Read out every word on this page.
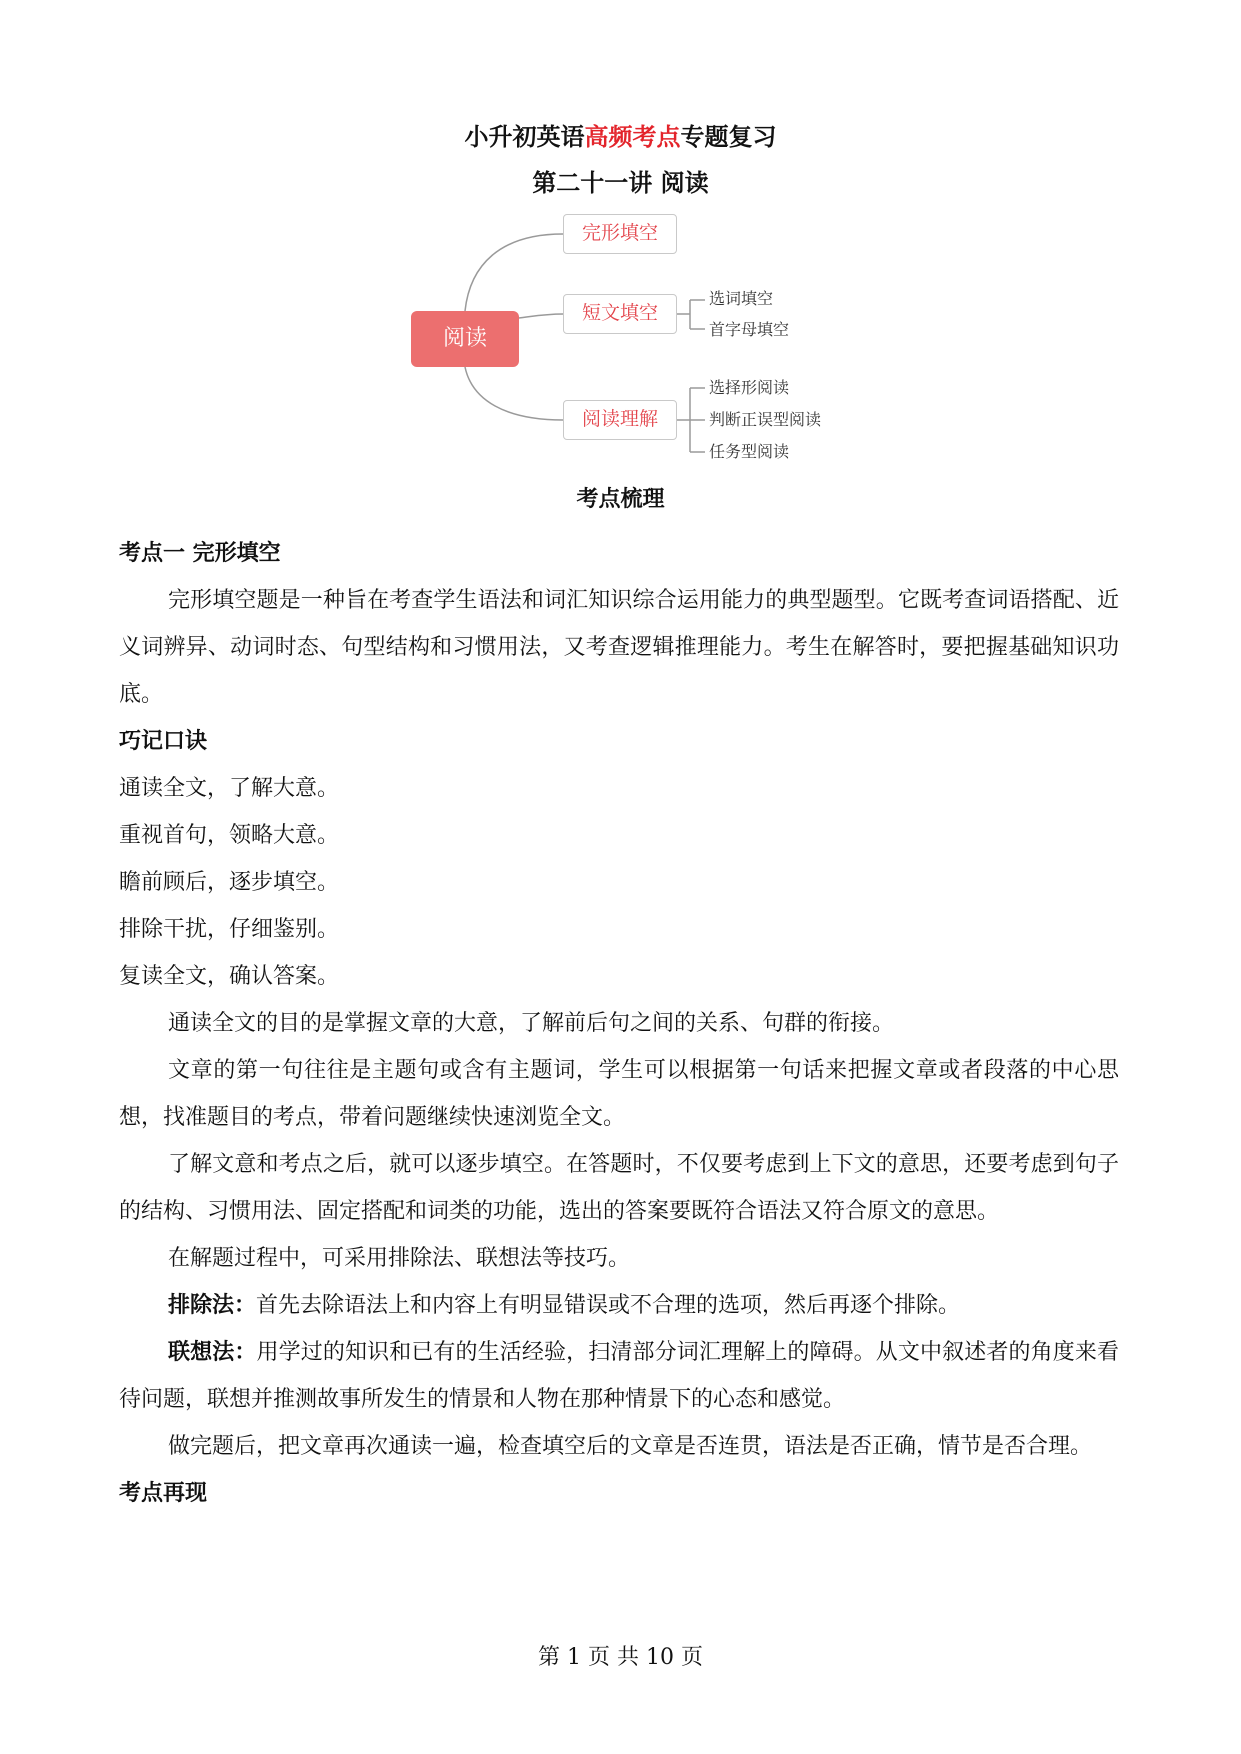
小升初英语高频考点专题复习
第二十一讲 阅读
阅读
完形填空
短文填空
阅读理解
选词填空
首字母填空
选择形阅读
判断正误型阅读
任务型阅读
考点梳理

考点一 完形填空

完形填空题是一种旨在考查学生语法和词汇知识综合运用能力的典型题型。它既考查词语搭配、近义词辨异、动词时态、句型结构和习惯用法，又考查逻辑推理能力。考生在解答时，要把握基础知识功底。

巧记口诀

通读全文，了解大意。

重视首句，领略大意。

瞻前顾后，逐步填空。

排除干扰，仔细鉴别。

复读全文，确认答案。

通读全文的目的是掌握文章的大意，了解前后句之间的关系、句群的衔接。

文章的第一句往往是主题句或含有主题词，学生可以根据第一句话来把握文章或者段落的中心思想，找准题目的考点，带着问题继续快速浏览全文。

了解文意和考点之后，就可以逐步填空。在答题时，不仅要考虑到上下文的意思，还要考虑到句子的结构、习惯用法、固定搭配和词类的功能，选出的答案要既符合语法又符合原文的意思。

在解题过程中，可采用排除法、联想法等技巧。

排除法：首先去除语法上和内容上有明显错误或不合理的选项，然后再逐个排除。

联想法：用学过的知识和已有的生活经验，扫清部分词汇理解上的障碍。从文中叙述者的角度来看待问题，联想并推测故事所发生的情景和人物在那种情景下的心态和感觉。

做完题后，把文章再次通读一遍，检查填空后的文章是否连贯，语法是否正确，情节是否合理。

考点再现

第 1 页 共 10 页
